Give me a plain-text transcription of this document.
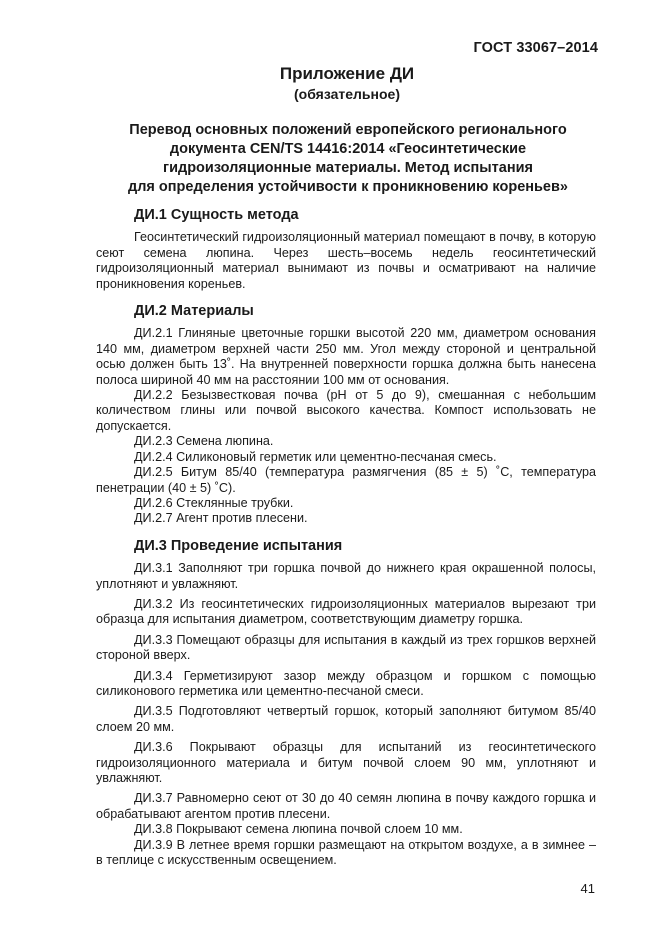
ГОСТ 33067–2014
Приложение ДИ
(обязательное)
Перевод основных положений европейского регионального
документа CEN/TS 14416:2014 «Геосинтетические
гидроизоляционные материалы. Метод испытания
для определения устойчивости к проникновению кореньев»
ДИ.1 Сущность метода

Геосинтетический гидроизоляционный материал помещают в почву, в которую сеют семена люпина. Через шесть–восемь недель геосинтетический гидроизоляционный материал вынимают из почвы и осматривают на наличие проникновения кореньев.

ДИ.2 Материалы

ДИ.2.1 Глиняные цветочные горшки высотой 220 мм, диаметром основания 140 мм, диаметром верхней части 250 мм. Угол между стороной и центральной осью должен быть 13˚. На внутренней поверхности горшка должна быть нанесена полоса шириной 40 мм на расстоянии 100 мм от основания.

ДИ.2.2 Безызвестковая почва (pH от 5 до 9), смешанная с небольшим количеством глины или почвой высокого качества. Компост использовать не допускается.

ДИ.2.3 Семена люпина.

ДИ.2.4 Силиконовый герметик или цементно-песчаная смесь.

ДИ.2.5 Битум 85/40 (температура размягчения (85 ± 5) ˚С, температура пенетрации (40 ± 5) ˚С).

ДИ.2.6 Стеклянные трубки.

ДИ.2.7 Агент против плесени.

ДИ.3 Проведение испытания

ДИ.3.1 Заполняют три горшка почвой до нижнего края окрашенной полосы, уплотняют и увлажняют.

ДИ.3.2 Из геосинтетических гидроизоляционных материалов вырезают три образца для испытания диаметром, соответствующим диаметру горшка.

ДИ.3.3 Помещают образцы для испытания в каждый из трех горшков верхней стороной вверх.

ДИ.3.4 Герметизируют зазор между образцом и горшком с помощью силиконового герметика или цементно-песчаной смеси.

ДИ.3.5 Подготовляют четвертый горшок, который заполняют битумом 85/40 слоем 20 мм.

ДИ.3.6 Покрывают образцы для испытаний из геосинтетического гидроизоляционного материала и битум почвой слоем 90 мм, уплотняют и увлажняют.

ДИ.3.7 Равномерно сеют от 30 до 40 семян люпина в почву каждого горшка и обрабатывают агентом против плесени.

ДИ.3.8 Покрывают семена люпина почвой слоем 10 мм.

ДИ.3.9 В летнее время горшки размещают на открытом воздухе, а в зимнее – в теплице с искусственным освещением.

41
